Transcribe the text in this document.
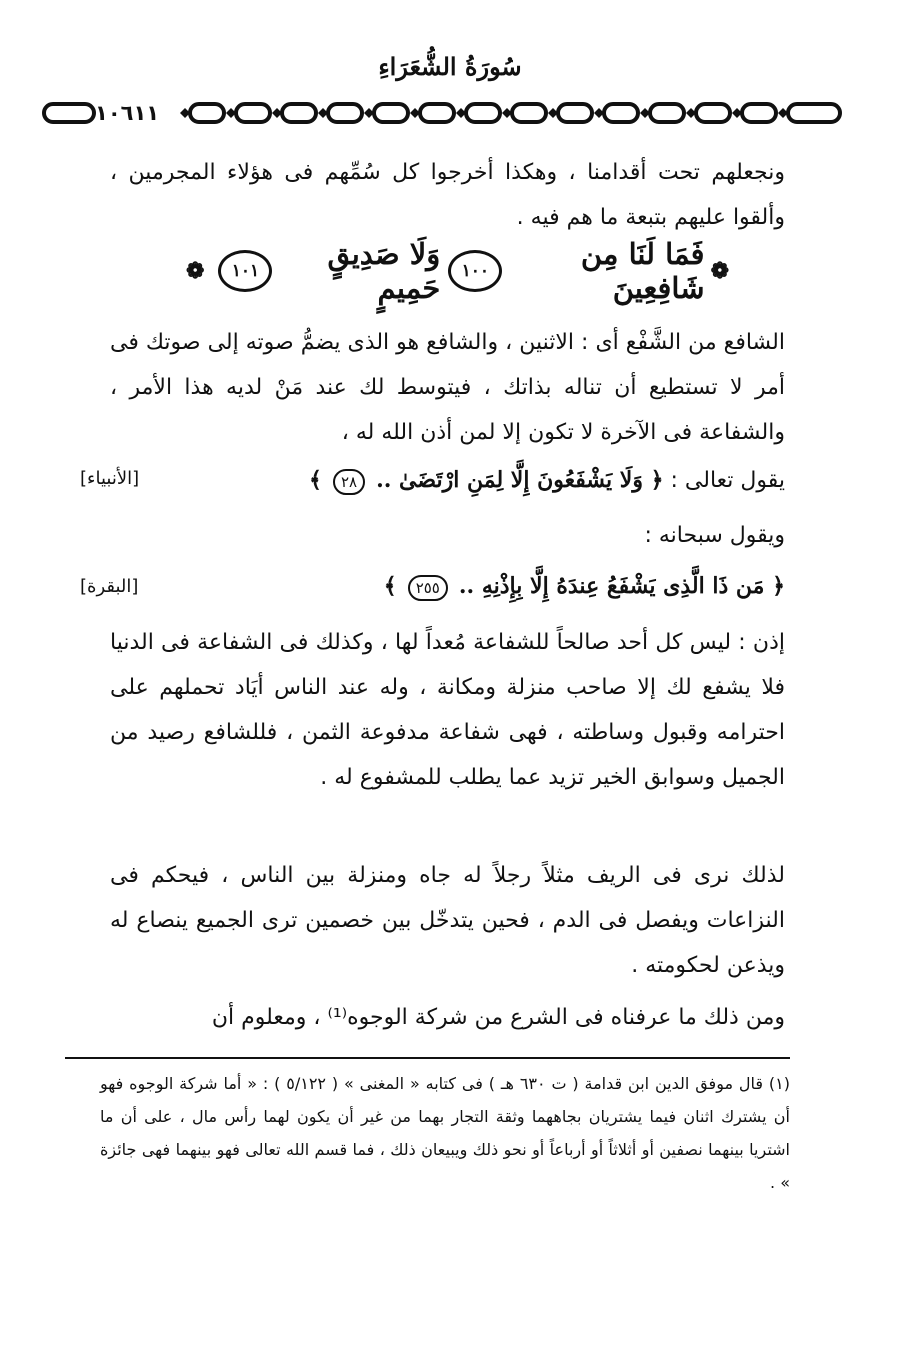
سُورَةُ الشُّعَرَاءِ
١٠٦١١
ونجعلهم تحت أقدامنا ، وهكذا أخرجوا كل سُمِّهم فى هؤلاء المجرمين ، وألقوا عليهم بتبعة ما هم فيه .
❁
فَمَا لَنَا مِن شَافِعِينَ
١٠٠
وَلَا صَدِيقٍ حَمِيمٍ
١٠١
❁
الشافع من الشَّفْع أى : الاثنين ، والشافع هو الذى يضمُّ صوته إلى صوتك فى أمر لا تستطيع أن تناله بذاتك ، فيتوسط لك عند مَنْ لديه هذا الأمر ، والشفاعة فى الآخرة لا تكون إلا لمن أذن الله له ،
يقول تعالى : ﴿ وَلَا يَشْفَعُونَ إِلَّا لِمَنِ ارْتَضَىٰ .. ٢٨ ﴾
[الأنبياء]
ويقول سبحانه :
﴿ مَن ذَا الَّذِى يَشْفَعُ عِندَهُ إِلَّا بِإِذْنِهِ .. ٢٥٥ ﴾
[البقرة]
إذن : ليس كل أحد صالحاً للشفاعة مُعداً لها ، وكذلك فى الشفاعة فى الدنيا فلا يشفع لك إلا صاحب منزلة ومكانة ، وله عند الناس أيَاد تحملهم على احترامه وقبول وساطته ، فهى شفاعة مدفوعة الثمن ، فللشافع رصيد من الجميل وسوابق الخير تزيد عما يطلب للمشفوع له .
لذلك نرى فى الريف مثلاً رجلاً له جاه ومنزلة بين الناس ، فيحكم فى النزاعات ويفصل فى الدم ، فحين يتدخّل بين خصمين ترى الجميع ينصاع له ويذعن لحكومته .
ومن ذلك ما عرفناه فى الشرع من شركة الوجوه⁽¹⁾ ، ومعلوم أن
(١) قال موفق الدين ابن قدامة ( ت ٦٣٠ هـ ) فى كتابه « المغنى » ( ٥/١٢٢ ) : « أما شركة الوجوه فهو أن يشترك اثنان فيما يشتريان بجاههما وثقة التجار بهما من غير أن يكون لهما رأس مال ، على أن ما اشتريا بينهما نصفين أو أثلاثاً أو أرباعاً أو نحو ذلك ويبيعان ذلك ، فما قسم الله تعالى فهو بينهما فهى جائزة » .
